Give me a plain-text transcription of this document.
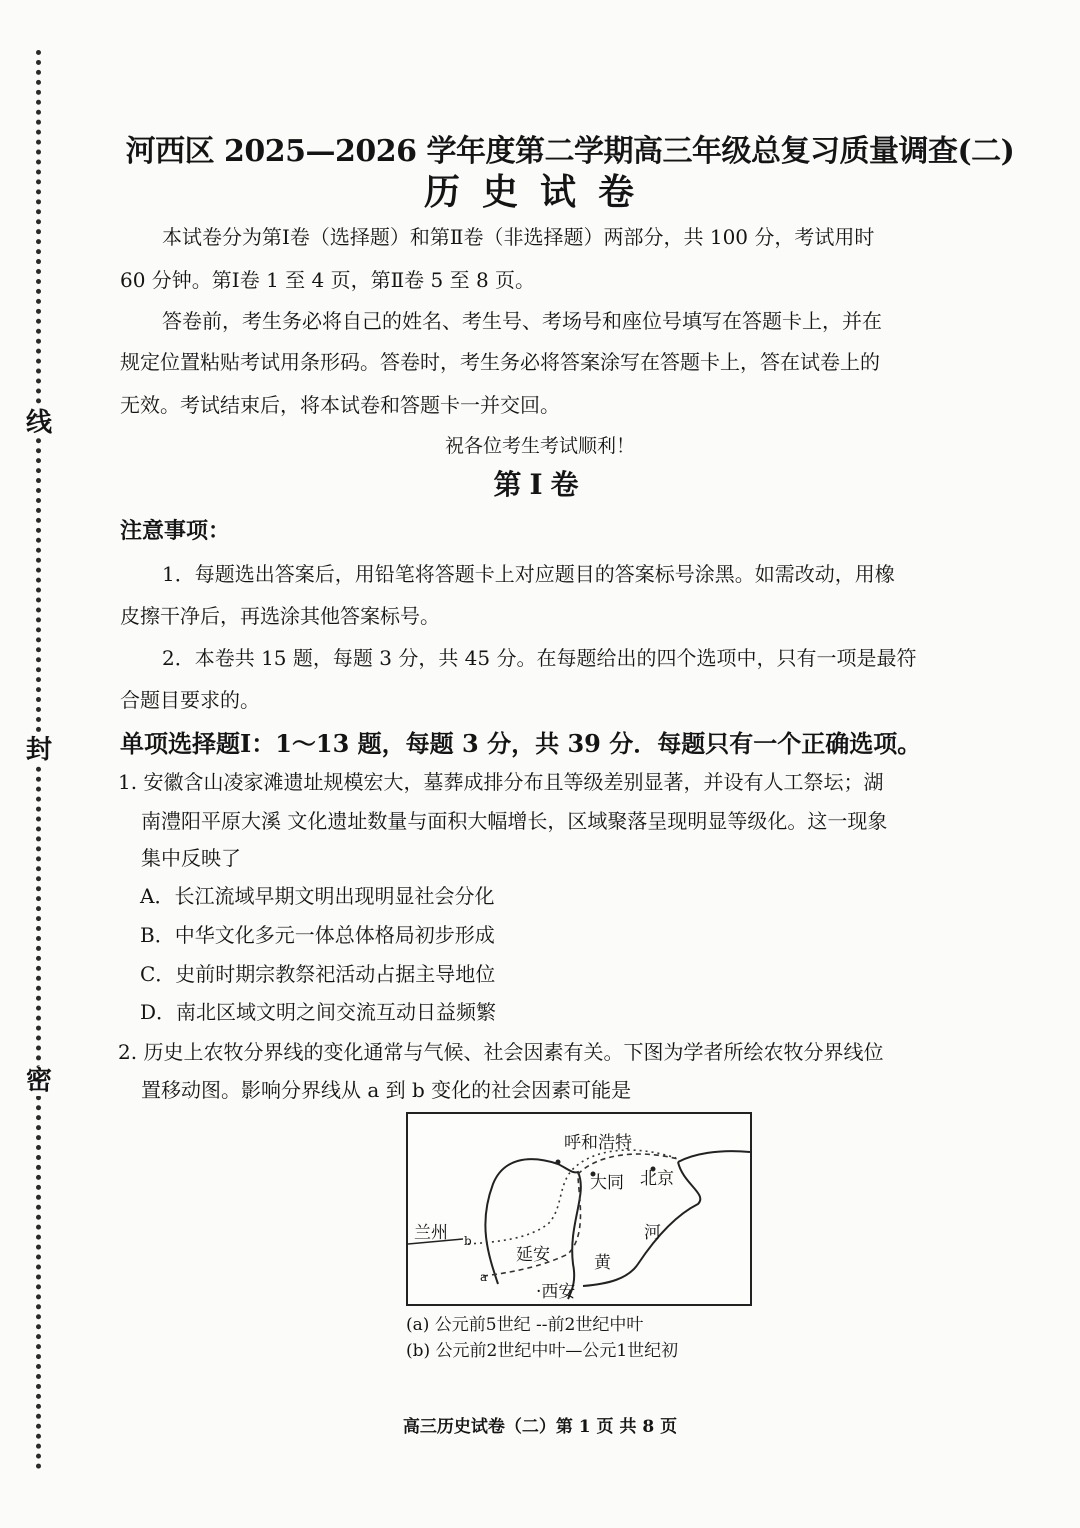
线
封
密
河西区 2025—2026 学年度第二学期高三年级总复习质量调查(二)
历史试卷
本试卷分为第Ⅰ卷（选择题）和第Ⅱ卷（非选择题）两部分，共 100 分，考试用时
60 分钟。第Ⅰ卷 1 至 4 页，第Ⅱ卷 5 至 8 页。
答卷前，考生务必将自己的姓名、考生号、考场号和座位号填写在答题卡上，并在
规定位置粘贴考试用条形码。答卷时，考生务必将答案涂写在答题卡上，答在试卷上的
无效。考试结束后，将本试卷和答题卡一并交回。
祝各位考生考试顺利！
第Ⅰ卷
注意事项：
1．每题选出答案后，用铅笔将答题卡上对应题目的答案标号涂黑。如需改动，用橡
皮擦干净后，再选涂其他答案标号。
2．本卷共 15 题，每题 3 分，共 45 分。在每题给出的四个选项中，只有一项是最符
合题目要求的。
单项选择题Ⅰ：1～13 题，每题 3 分，共 39 分．每题只有一个正确选项。
1. 安徽含山凌家滩遗址规模宏大，墓葬成排分布且等级差别显著，并设有人工祭坛；湖
南澧阳平原大溪 文化遗址数量与面积大幅增长，区域聚落呈现明显等级化。这一现象
集中反映了
A．长江流域早期文明出现明显社会分化
B．中华文化多元一体总体格局初步形成
C．史前时期宗教祭祀活动占据主导地位
D．南北区域文明之间交流互动日益频繁
2. 历史上农牧分界线的变化通常与气候、社会因素有关。下图为学者所绘农牧分界线位
置移动图。影响分界线从 a 到 b 变化的社会因素可能是
呼和浩特
大同 北京
兰州
延安
·西安
河
黄
b
a
(a) 公元前5世纪 --前2世纪中叶
(b) 公元前2世纪中叶—公元1世纪初
高三历史试卷（二）第 1 页 共 8 页
